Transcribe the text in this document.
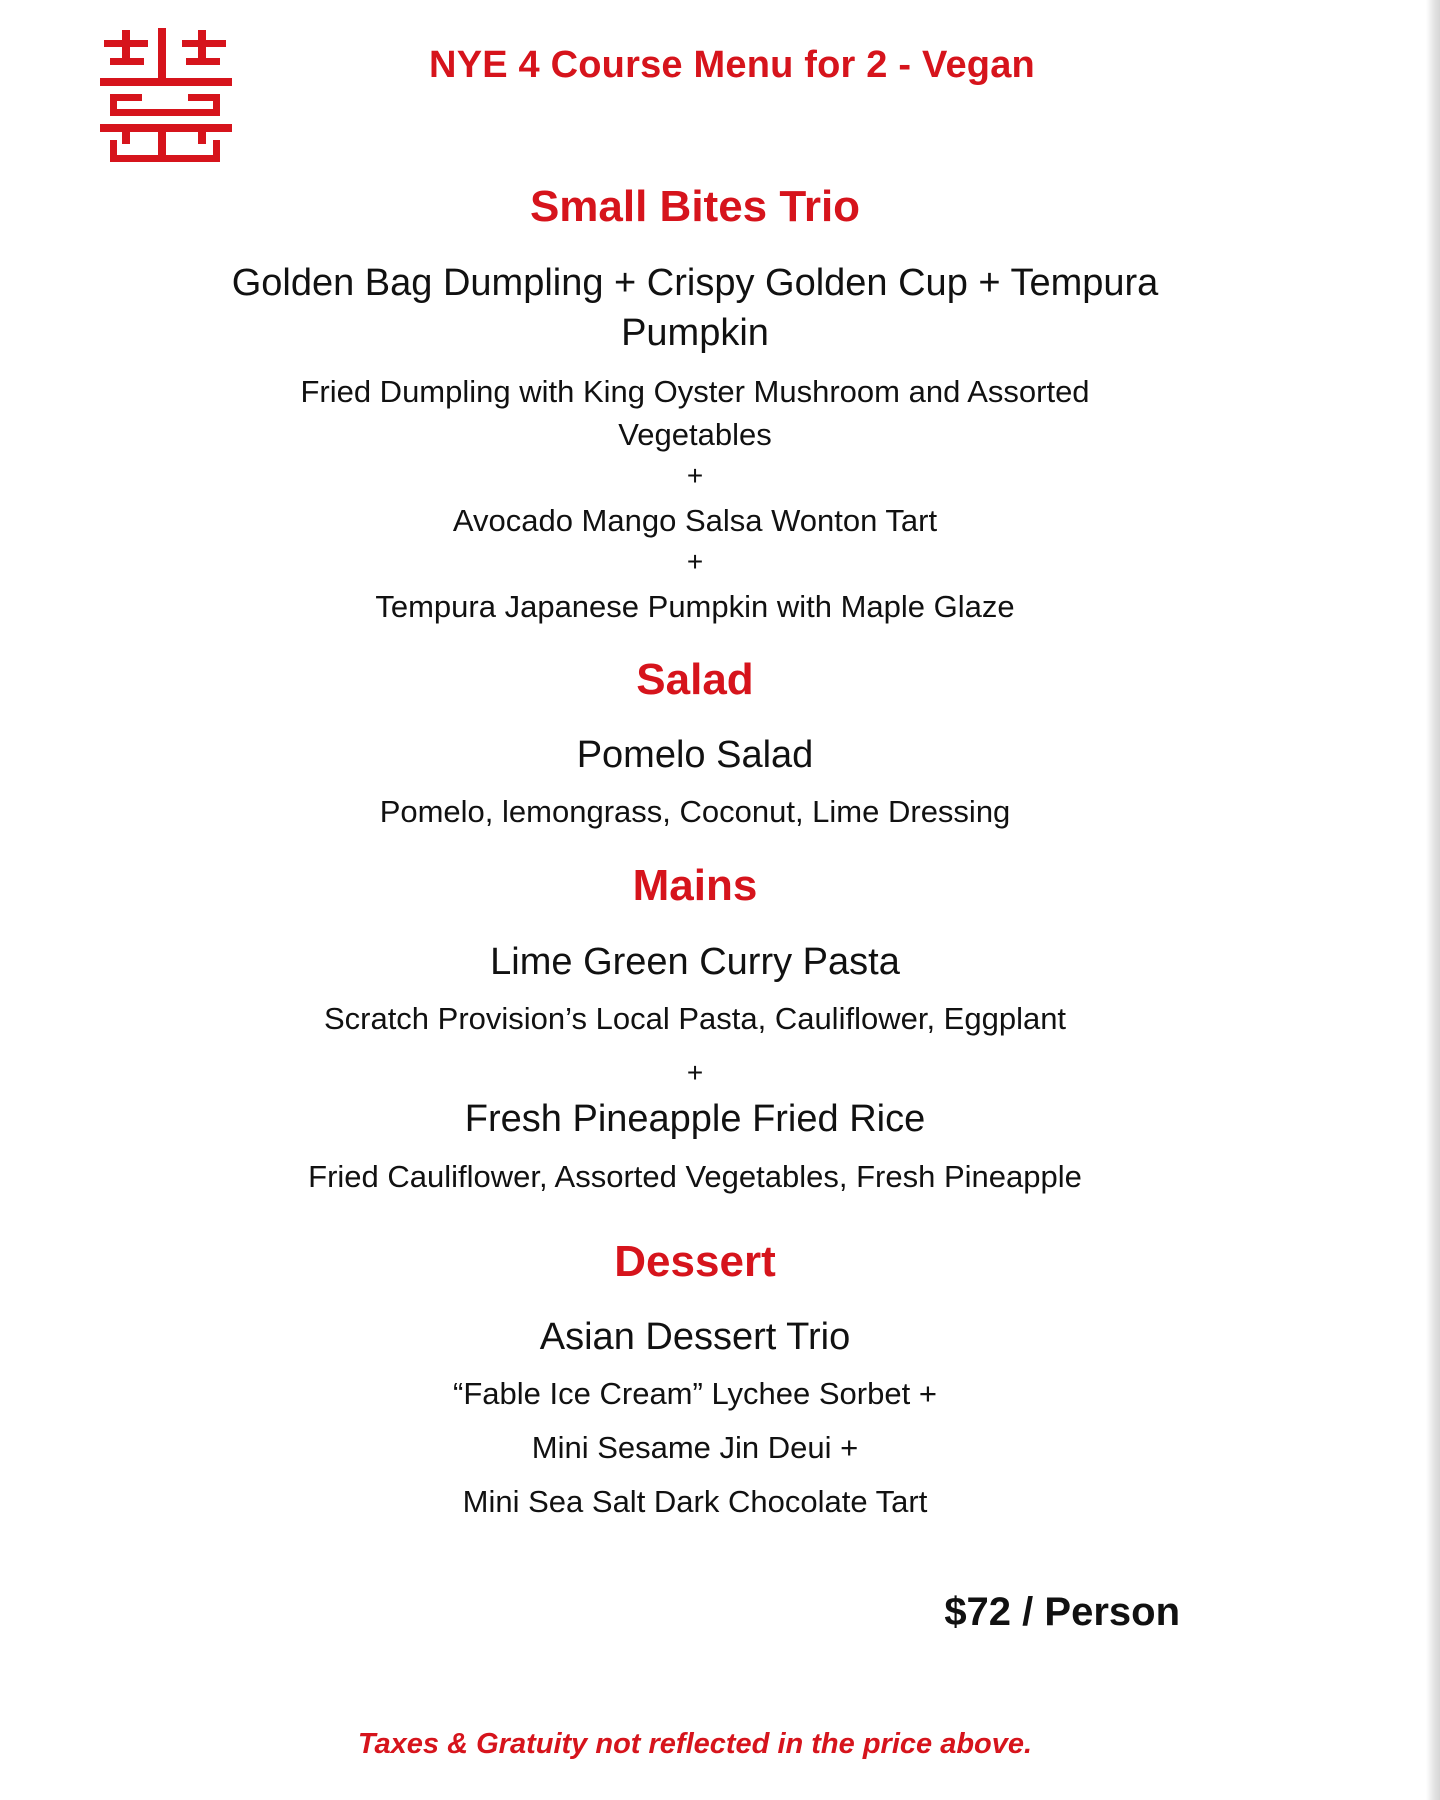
NYE 4 Course Menu for 2 - Vegan
Small Bites Trio
Golden Bag Dumpling + Crispy Golden Cup + Tempura
Pumpkin
Fried Dumpling with King Oyster Mushroom and Assorted
Vegetables
+
Avocado Mango Salsa Wonton Tart
+
Tempura Japanese Pumpkin with Maple Glaze
Salad
Pomelo Salad
Pomelo, lemongrass, Coconut, Lime Dressing
Mains
Lime Green Curry Pasta
Scratch Provision’s Local Pasta, Cauliflower, Eggplant
+
Fresh Pineapple Fried Rice
Fried Cauliflower, Assorted Vegetables, Fresh Pineapple
Dessert
Asian Dessert Trio
“Fable Ice Cream” Lychee Sorbet +
Mini Sesame Jin Deui +
Mini Sea Salt Dark Chocolate Tart
$72 / Person
Taxes & Gratuity not reflected in the price above.
